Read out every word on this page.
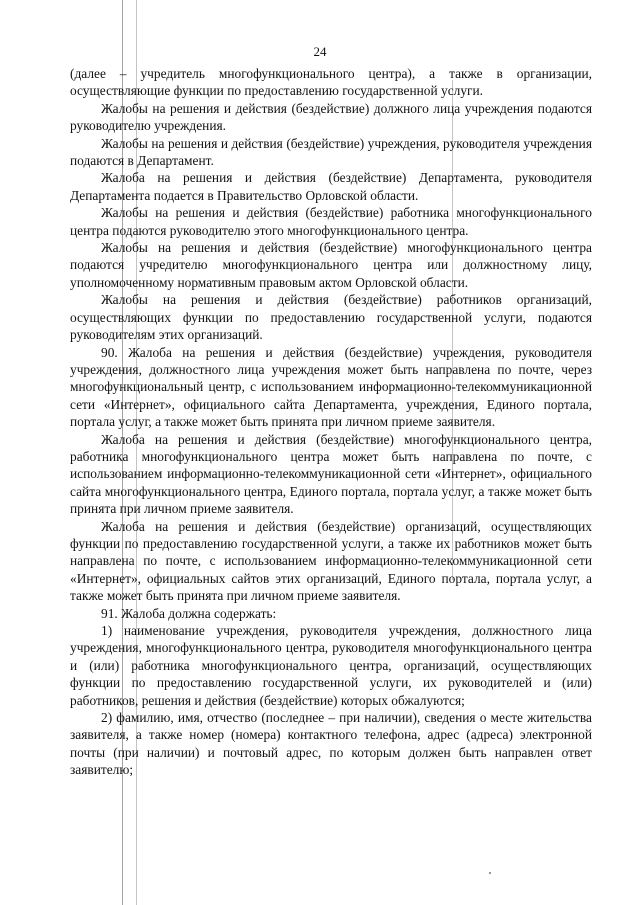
24

(далее – учредитель многофункционального центра), а также в организации, осуществляющие функции по предоставлению государственной услуги.

Жалобы на решения и действия (бездействие) должного лица учреждения подаются руководителю учреждения.

Жалобы на решения и действия (бездействие) учреждения, руководителя учреждения подаются в Департамент.

Жалоба на решения и действия (бездействие) Департамента, руководителя Департамента подается в Правительство Орловской области.

Жалобы на решения и действия (бездействие) работника многофункционального центра подаются руководителю этого многофункционального центра.

Жалобы на решения и действия (бездействие) многофункционального центра подаются учредителю многофункционального центра или должностному лицу, уполномоченному нормативным правовым актом Орловской области.

Жалобы на решения и действия (бездействие) работников организаций, осуществляющих функции по предоставлению государственной услуги, подаются руководителям этих организаций.

90. Жалоба на решения и действия (бездействие) учреждения, руководителя учреждения, должностного лица учреждения может быть направлена по почте, через многофункциональный центр, с использованием информационно-телекоммуникационной сети «Интернет», официального сайта Департамента, учреждения, Единого портала, портала услуг, а также может быть принята при личном приеме заявителя.

Жалоба на решения и действия (бездействие) многофункционального центра, работника многофункционального центра может быть направлена по почте, с использованием информационно-телекоммуникационной сети «Интернет», официального сайта многофункционального центра, Единого портала, портала услуг, а также может быть принята при личном приеме заявителя.

Жалоба на решения и действия (бездействие) организаций, осуществляющих функции по предоставлению государственной услуги, а также их работников может быть направлена по почте, с использованием информационно-телекоммуникационной сети «Интернет», официальных сайтов этих организаций, Единого портала, портала услуг, а также может быть принята при личном приеме заявителя.

91. Жалоба должна содержать:

1) наименование учреждения, руководителя учреждения, должностного лица учреждения, многофункционального центра, руководителя многофункционального центра и (или) работника многофункционального центра, организаций, осуществляющих функции по предоставлению государственной услуги, их руководителей и (или) работников, решения и действия (бездействие) которых обжалуются;

2) фамилию, имя, отчество (последнее – при наличии), сведения о месте жительства заявителя, а также номер (номера) контактного телефона, адрес (адреса) электронной почты (при наличии) и почтовый адрес, по которым должен быть направлен ответ заявителю;
